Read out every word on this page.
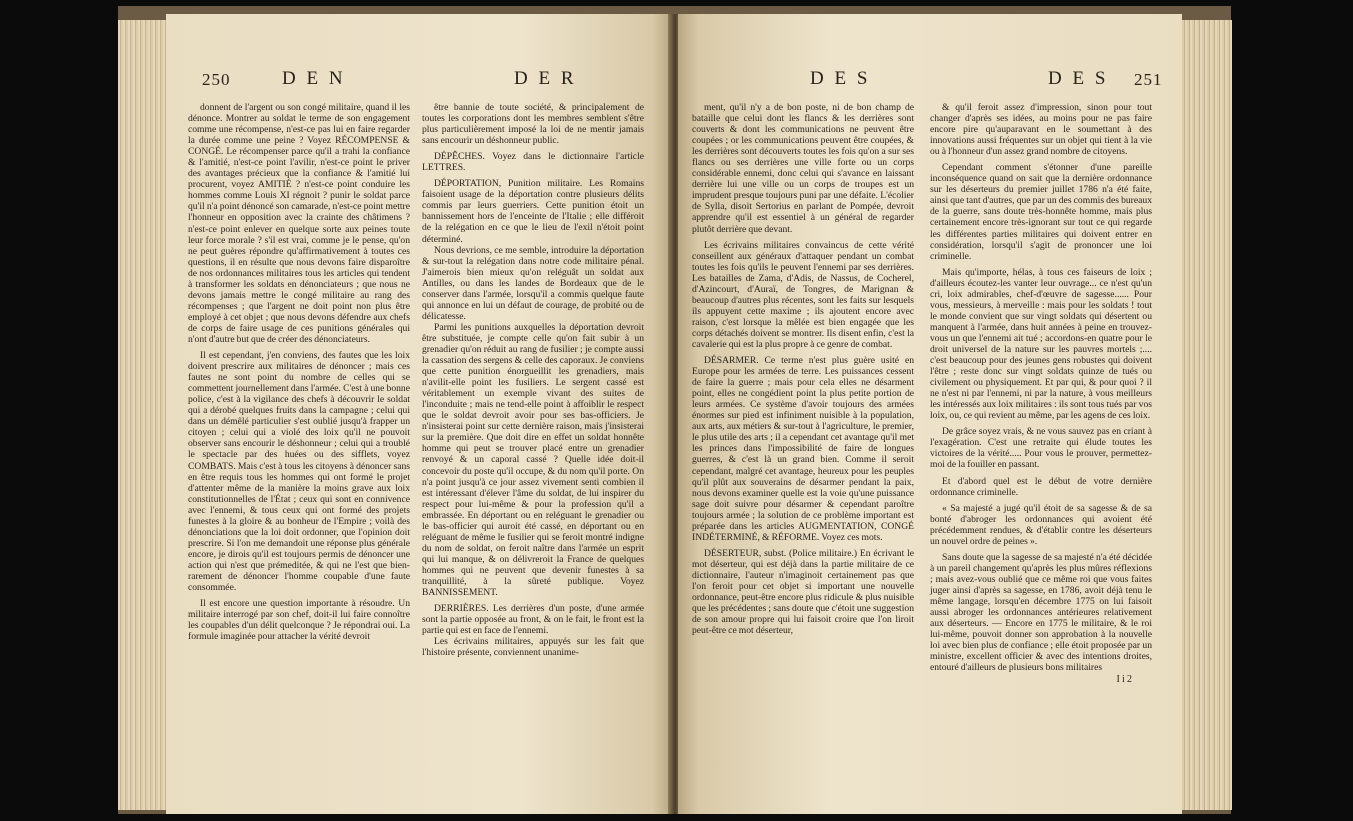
250	D E N	D E R

donnent de l'argent ou son congé militaire, quand il les dénonce. Montrer au soldat le terme de son engagement comme une récompense, n'est-ce pas lui en faire regarder la durée comme une peine ? Voyez RÉCOMPENSE & CONGÉ. Le récompenser parce qu'il a trahi la confiance & l'amitié, n'est-ce point l'avilir, n'est-ce point le priver des avantages précieux que la confiance & l'amitié lui procurent, voyez AMITIÉ ? n'est-ce point conduire les hommes comme Louis XI régnoit ? punir le soldat parce qu'il n'a point dénoncé son camarade, n'est-ce point mettre l'honneur en opposition avec la crainte des châtimens ? n'est-ce point enlever en quelque sorte aux peines toute leur force morale ? s'il est vrai, comme je le pense, qu'on ne peut guères répondre qu'affirmativement à toutes ces questions, il en résulte que nous devons faire disparoître de nos ordonnances militaires tous les articles qui tendent à transformer les soldats en dénonciateurs ; que nous ne devons jamais mettre le congé militaire au rang des récompenses ; que l'argent ne doit point non plus être employé à cet objet ; que nous devons défendre aux chefs de corps de faire usage de ces punitions générales qui n'ont d'autre but que de créer des dénonciateurs.

Il est cependant, j'en conviens, des fautes que les loix doivent prescrire aux militaires de dénoncer ; mais ces fautes ne sont point du nombre de celles qui se commettent journellement dans l'armée. C'est à une bonne police, c'est à la vigilance des chefs à découvrir le soldat qui a dérobé quelques fruits dans la campagne ; celui qui dans un démêlé particulier s'est oublié jusqu'à frapper un citoyen ; celui qui a violé des loix qu'il ne pouvoit observer sans encourir le déshonneur ; celui qui a troublé le spectacle par des huées ou des sifflets, voyez COMBATS. Mais c'est à tous les citoyens à dénoncer sans en être requis tous les hommes qui ont formé le projet d'attenter même de la manière la moins grave aux loix constitutionnelles de l'État ; ceux qui sont en connivence avec l'ennemi, & tous ceux qui ont formé des projets funestes à la gloire & au bonheur de l'Empire ; voilà des dénonciations que la loi doit ordonner, que l'opinion doit prescrire. Si l'on me demandoit une réponse plus générale encore, je dirois qu'il est toujours permis de dénoncer une action qui n'est que prémeditée, & qui ne l'est que bien-rarement de dénoncer l'homme coupable d'une faute consommée.

Il est encore une question importante à résoudre. Un militaire interrogé par son chef, doit-il lui faire connoître les coupables d'un délit quelconque ? Je répondrai oui. La formule imaginée pour attacher la vérité devroit

être bannie de toute société, & principalement de toutes les corporations dont les membres semblent s'être plus particulièrement imposé la loi de ne mentir jamais sans encourir un déshonneur public.

DÉPÊCHES. Voyez dans le dictionnaire l'article LETTRES.

DÉPORTATION, Punition militaire. Les Romains faisoient usage de la déportation contre plusieurs délits commis par leurs guerriers. Cette punition étoit un bannissement hors de l'enceinte de l'Italie ; elle différoit de la relégation en ce que le lieu de l'exil n'étoit point déterminé.

Nous devrions, ce me semble, introduire la déportation & sur-tout la relégation dans notre code militaire pénal. J'aimerois bien mieux qu'on reléguât un soldat aux Antilles, ou dans les landes de Bordeaux que de le conserver dans l'armée, lorsqu'il a commis quelque faute qui annonce en lui un défaut de courage, de probité ou de délicatesse.

Parmi les punitions auxquelles la déportation devroit être substituée, je compte celle qu'on fait subir à un grenadier qu'on réduit au rang de fusilier ; je compte aussi la cassation des sergens & celle des caporaux. Je conviens que cette punition énorgueillit les grenadiers, mais n'avilit-elle point les fusiliers. Le sergent cassé est véritablement un exemple vivant des suites de l'inconduite ; mais ne tend-elle point à affoiblir le respect que le soldat devroit avoir pour ses bas-officiers. Je n'insisterai point sur cette dernière raison, mais j'insisterai sur la première. Que doit dire en effet un soldat honnête homme qui peut se trouver placé entre un grenadier renvoyé & un caporal cassé ? Quelle idée doit-il concevoir du poste qu'il occupe, & du nom qu'il porte. On n'a point jusqu'à ce jour assez vivement senti combien il est intéressant d'élever l'âme du soldat, de lui inspirer du respect pour lui-même & pour la profession qu'il a embrassée. En déportant ou en reléguant le grenadier ou le bas-officier qui auroit été cassé, en déportant ou en reléguant de même le fusilier qui se feroit montré indigne du nom de soldat, on feroit naître dans l'armée un esprit qui lui manque, & on délivreroit la France de quelques hommes qui ne peuvent que devenir funestes à sa tranquillité, à la sûreté publique. Voyez BANNISSEMENT.

DERRIÈRES. Les derrières d'un poste, d'une armée sont la partie opposée au front, & on le fait, le front est la partie qui est en face de l'ennemi.

Les écrivains militaires, appuyés sur les fait que l'histoire présente, conviennent unanime-

D E S	D E S 251

ment, qu'il n'y a de bon poste, ni de bon champ de bataille que celui dont les flancs & les derrières sont couverts & dont les communications ne peuvent être coupées ; or les communications peuvent être coupées, & les derrières sont découverts toutes les fois qu'on a sur ses flancs ou ses derrières une ville forte ou un corps considérable ennemi, donc celui qui s'avance en laissant derrière lui une ville ou un corps de troupes est un imprudent presque toujours puni par une défaite. L'écolier de Sylla, disoit Sertorius en parlant de Pompée, devroit apprendre qu'il est essentiel à un général de regarder plutôt derrière que devant.

Les écrivains militaires convaincus de cette vérité conseillent aux généraux d'attaquer pendant un combat toutes les fois qu'ils le peuvent l'ennemi par ses derrières. Les batailles de Zama, d'Adis, de Nassus, de Cocherel, d'Azincourt, d'Auraï, de Tongres, de Marignan & beaucoup d'autres plus récentes, sont les faits sur lesquels ils appuyent cette maxime ; ils ajoutent encore avec raison, c'est lorsque la mêlée est bien engagée que les corps détachés doivent se montrer. Ils disent enfin, c'est la cavalerie qui est la plus propre à ce genre de combat.

DÉSARMER. Ce terme n'est plus guère usité en Europe pour les armées de terre. Les puissances cessent de faire la guerre ; mais pour cela elles ne désarment point, elles ne congédient point la plus petite portion de leurs armées. Ce système d'avoir toujours des armées énormes sur pied est infiniment nuisible à la population, aux arts, aux métiers & sur-tout à l'agriculture, le premier, le plus utile des arts ; il a cependant cet avantage qu'il met les princes dans l'impossibilité de faire de longues guerres, & c'est là un grand bien. Comme il seroit cependant, malgré cet avantage, heureux pour les peuples qu'il plût aux souverains de désarmer pendant la paix, nous devons examiner quelle est la voie qu'une puissance sage doit suivre pour désarmer & cependant paroître toujours armée ; la solution de ce problème important est préparée dans les articles AUGMENTATION, CONGÉ INDÉTERMINÉ, & RÉFORME. Voyez ces mots.

DÉSERTEUR, subst. (Police militaire.) En écrivant le mot déserteur, qui est déjà dans la partie militaire de ce dictionnaire, l'auteur n'imaginoit certainement pas que l'on feroit pour cet objet si important une nouvelle ordonnance, peut-être encore plus ridicule & plus nuisible que les précédentes ; sans doute que c'étoit une suggestion de son amour propre qui lui faisoit croire que l'on liroit peut-être ce mot déserteur,

& qu'il feroit assez d'impression, sinon pour tout changer d'après ses idées, au moins pour ne pas faire encore pire qu'auparavant en le soumettant à des innovations aussi fréquentes sur un objet qui tient à la vie ou à l'honneur d'un assez grand nombre de citoyens.

Cependant comment s'étonner d'une pareille inconséquence quand on sait que la dernière ordonnance sur les déserteurs du premier juillet 1786 n'a été faite, ainsi que tant d'autres, que par un des commis des bureaux de la guerre, sans doute très-honnête homme, mais plus certainement encore très-ignorant sur tout ce qui regarde les différentes parties militaires qui doivent entrer en considération, lorsqu'il s'agit de prononcer une loi criminelle.

Mais qu'importe, hélas, à tous ces faiseurs de loix ; d'ailleurs écoutez-les vanter leur ouvrage... ce n'est qu'un cri, loix admirables, chef-d'œuvre de sagesse...... Pour vous, messieurs, à merveille : mais pour les soldats ! tout le monde convient que sur vingt soldats qui désertent ou manquent à l'armée, dans huit années à peine en trouvez-vous un que l'ennemi ait tué ; accordons-en quatre pour le droit universel de la nature sur les pauvres mortels ;.... c'est beaucoup pour des jeunes gens robustes qui doivent l'être ; reste donc sur vingt soldats quinze de tués ou civilement ou physiquement. Et par qui, & pour quoi ? il ne n'est ni par l'ennemi, ni par la nature, à vous meilleurs les intéressés aux loix militaires : ils sont tous tués par vos loix, ou, ce qui revient au même, par les agens de ces loix.

De grâce soyez vrais, & ne vous sauvez pas en criant à l'exagération. C'est une retraite qui élude toutes les victoires de la vérité..... Pour vous le prouver, permettez-moi de la fouiller en passant.

Et d'abord quel est le début de votre dernière ordonnance criminelle.

« Sa majesté a jugé qu'il étoit de sa sagesse & de sa bonté d'abroger les ordonnances qui avoient été précédemment rendues, & d'établir contre les déserteurs un nouvel ordre de peines ».

Sans doute que la sagesse de sa majesté n'a été décidée à un pareil changement qu'après les plus mûres réflexions ; mais avez-vous oublié que ce même roi que vous faites juger ainsi d'après sa sagesse, en 1786, avoit déjà tenu le même langage, lorsqu'en décembre 1775 on lui faisoit aussi abroger les ordonnances antérieures relativement aux déserteurs. — Encore en 1775 le militaire, & le roi lui-même, pouvoit donner son approbation à la nouvelle loi avec bien plus de confiance ; elle étoit proposée par un ministre, excellent officier & avec des intentions droites, entouré d'ailleurs de plusieurs bons militaires

I i 2
